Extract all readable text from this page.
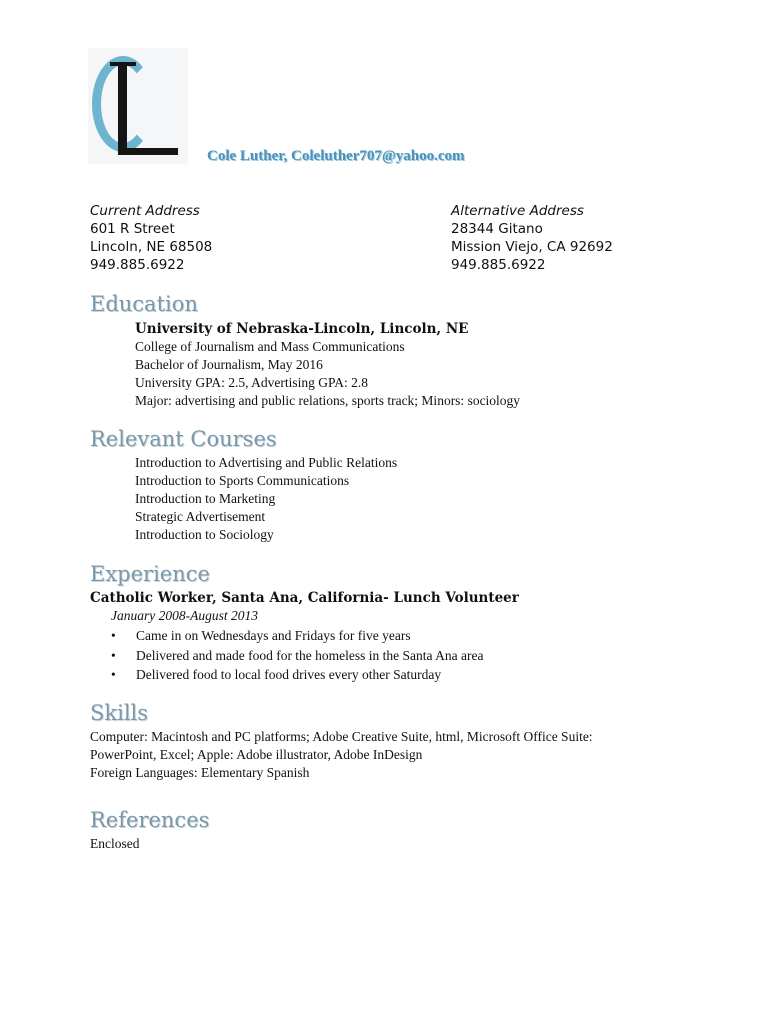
Cole Luther, Coleluther707@yahoo.com
Current Address
601 R Street
Lincoln, NE 68508
949.885.6922
Alternative Address
28344 Gitano
Mission Viejo, CA 92692
949.885.6922
Education
University of Nebraska-Lincoln, Lincoln, NE
College of Journalism and Mass Communications
Bachelor of Journalism, May 2016
University GPA: 2.5, Advertising GPA: 2.8
Major: advertising and public relations, sports track; Minors: sociology
Relevant Courses
Introduction to Advertising and Public Relations
Introduction to Sports Communications
Introduction to Marketing
Strategic Advertisement
Introduction to Sociology
Experience
Catholic Worker, Santa Ana, California- Lunch Volunteer
January 2008-August 2013
• Came in on Wednesdays and Fridays for five years
• Delivered and made food for the homeless in the Santa Ana area
• Delivered food to local food drives every other Saturday
Skills
Computer: Macintosh and PC platforms; Adobe Creative Suite, html, Microsoft Office Suite:
PowerPoint, Excel; Apple: Adobe illustrator, Adobe InDesign
Foreign Languages: Elementary Spanish
References
Enclosed
